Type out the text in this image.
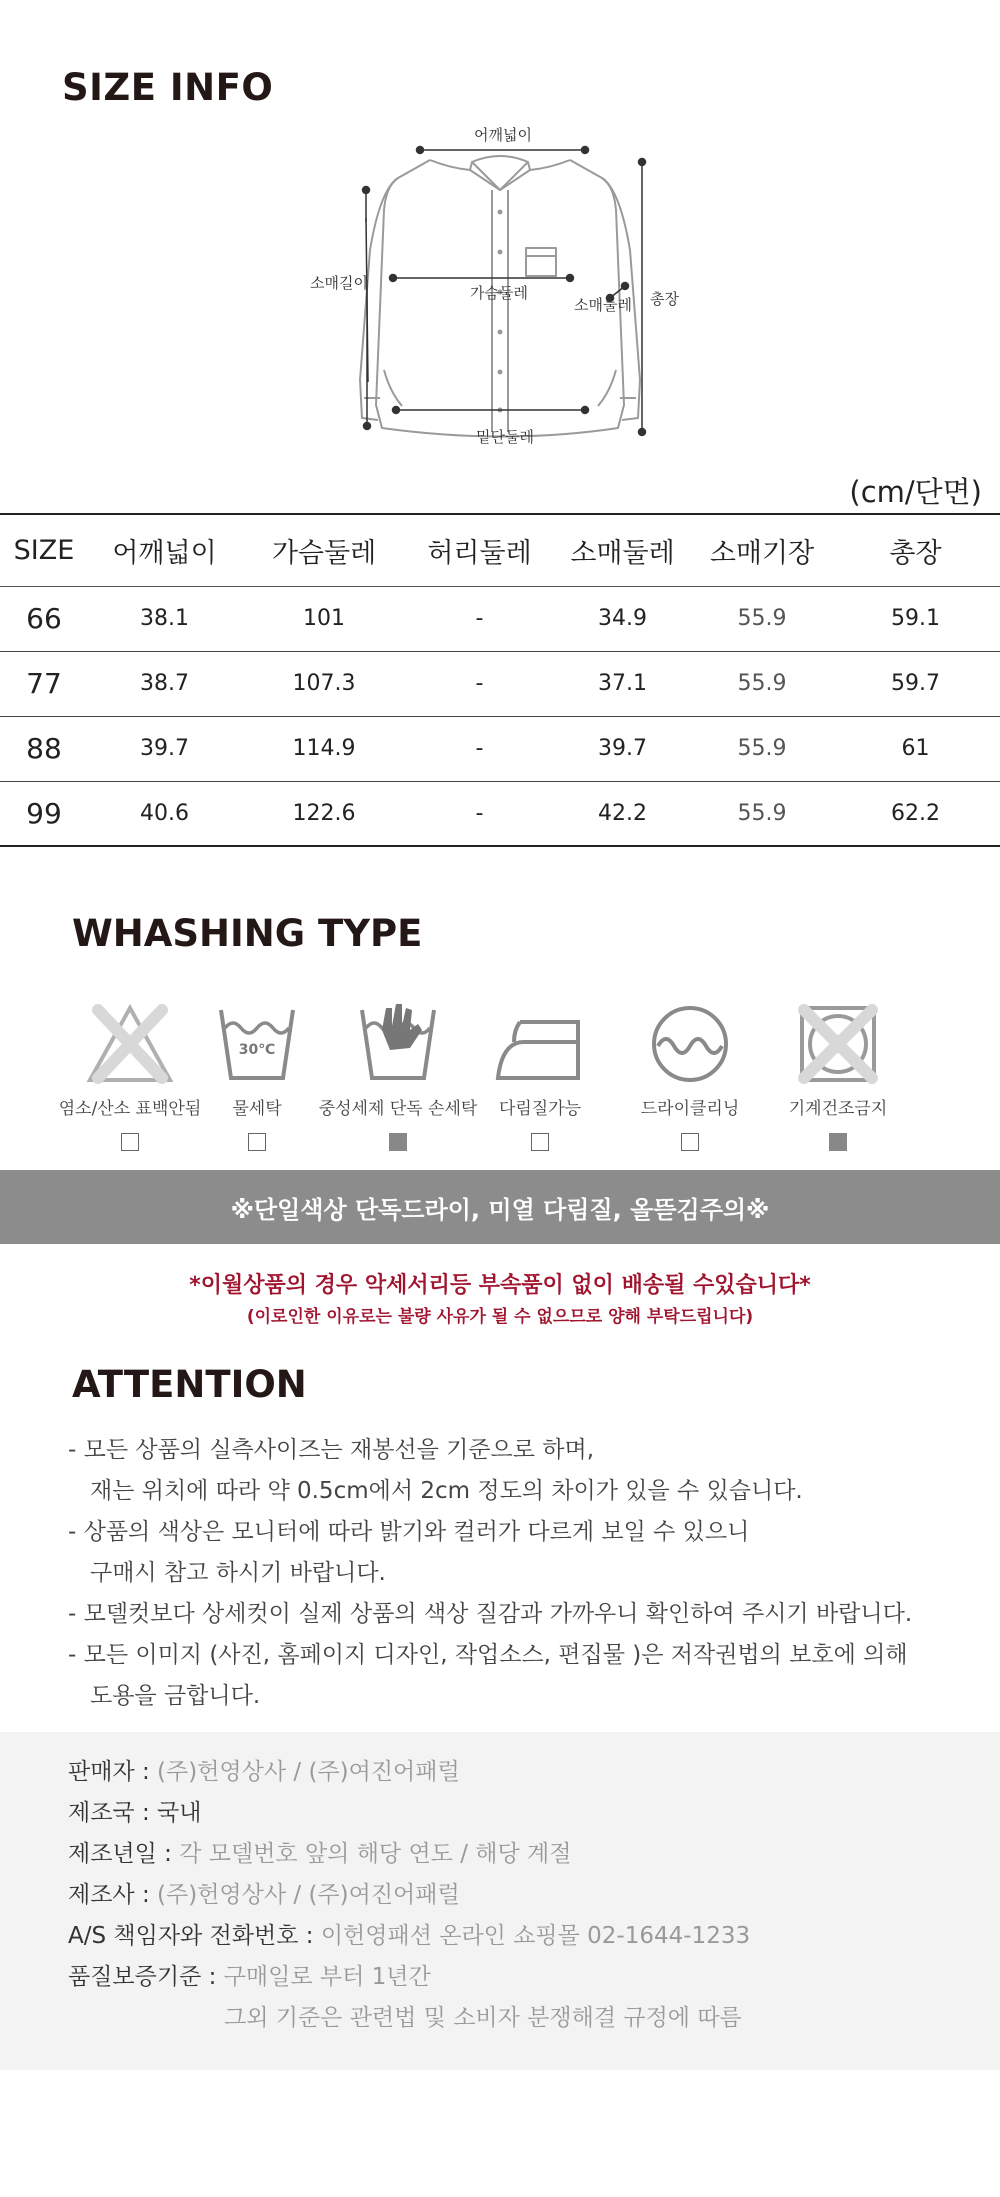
SIZE INFO
어깨넓이
소매길이
가슴둘레
소매둘레 총장
밑단둘레
(cm/단면)
SIZE	어깨넓이	가슴둘레	허리둘레	소매둘레	소매기장	총장
66	38.1	101	-	34.9	55.9	59.1
77	38.7	107.3	-	37.1	55.9	59.7
88	39.7	114.9	-	39.7	55.9	61
99	40.6	122.6	-	42.2	55.9	62.2
WHASHING TYPE
염소/산소 표백안됨
30℃
물세탁	중성세제 단독 손세탁	다림질가능	드라이클리닝	기계건조금지
※단일색상 단독드라이, 미열 다림질, 올뜯김주의※
*이월상품의 경우 악세서리등 부속품이 없이 배송될 수있습니다*
(이로인한 이유로는 불량 사유가 될 수 없으므로 양해 부탁드립니다)
ATTENTION
- 모든 상품의 실측사이즈는 재봉선을 기준으로 하며,
재는 위치에 따라 약 0.5cm에서 2cm 정도의 차이가 있을 수 있습니다.
- 상품의 색상은 모니터에 따라 밝기와 컬러가 다르게 보일 수 있으니
구매시 참고 하시기 바랍니다.
- 모델컷보다 상세컷이 실제 상품의 색상 질감과 가까우니 확인하여 주시기 바랍니다.
- 모든 이미지 (사진, 홈페이지 디자인, 작업소스, 편집물 )은 저작권법의 보호에 의해
도용을 금합니다.
판매자 : (주)헌영상사 / (주)여진어패럴
제조국 : 국내
제조년일 : 각 모델번호 앞의 해당 연도 / 해당 계절
제조사 : (주)헌영상사 / (주)여진어패럴
A/S 책임자와 전화번호 : 이헌영패션 온라인 쇼핑몰 02-1644-1233
품질보증기준 : 구매일로 부터 1년간
그외 기준은 관련법 및 소비자 분쟁해결 규정에 따름
